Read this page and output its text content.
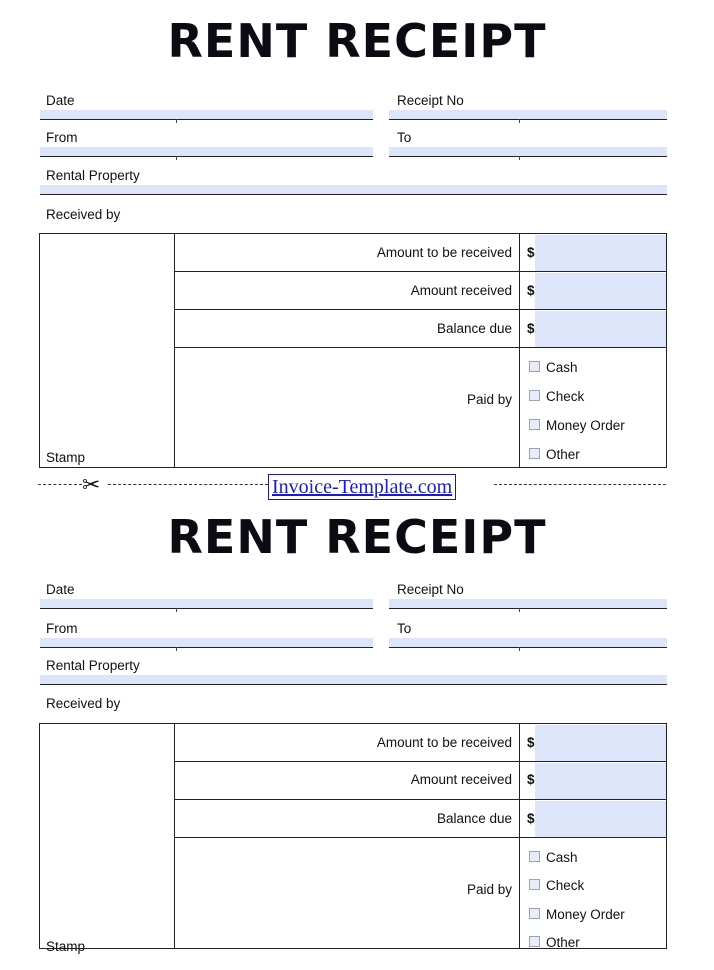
RENT RECEIPT
Date	Receipt No
From	To
Rental Property
Received by
Stamp
Amount to be received $
Amount received $
Balance due $
Paid by
Cash
Check
Money Order
Other
✂	Invoice-Template.com
RENT RECEIPT
Date	Receipt No
From	To
Rental Property
Received by
Stamp
Amount to be received $
Amount received $
Balance due $
Paid by
Cash
Check
Money Order
Other
